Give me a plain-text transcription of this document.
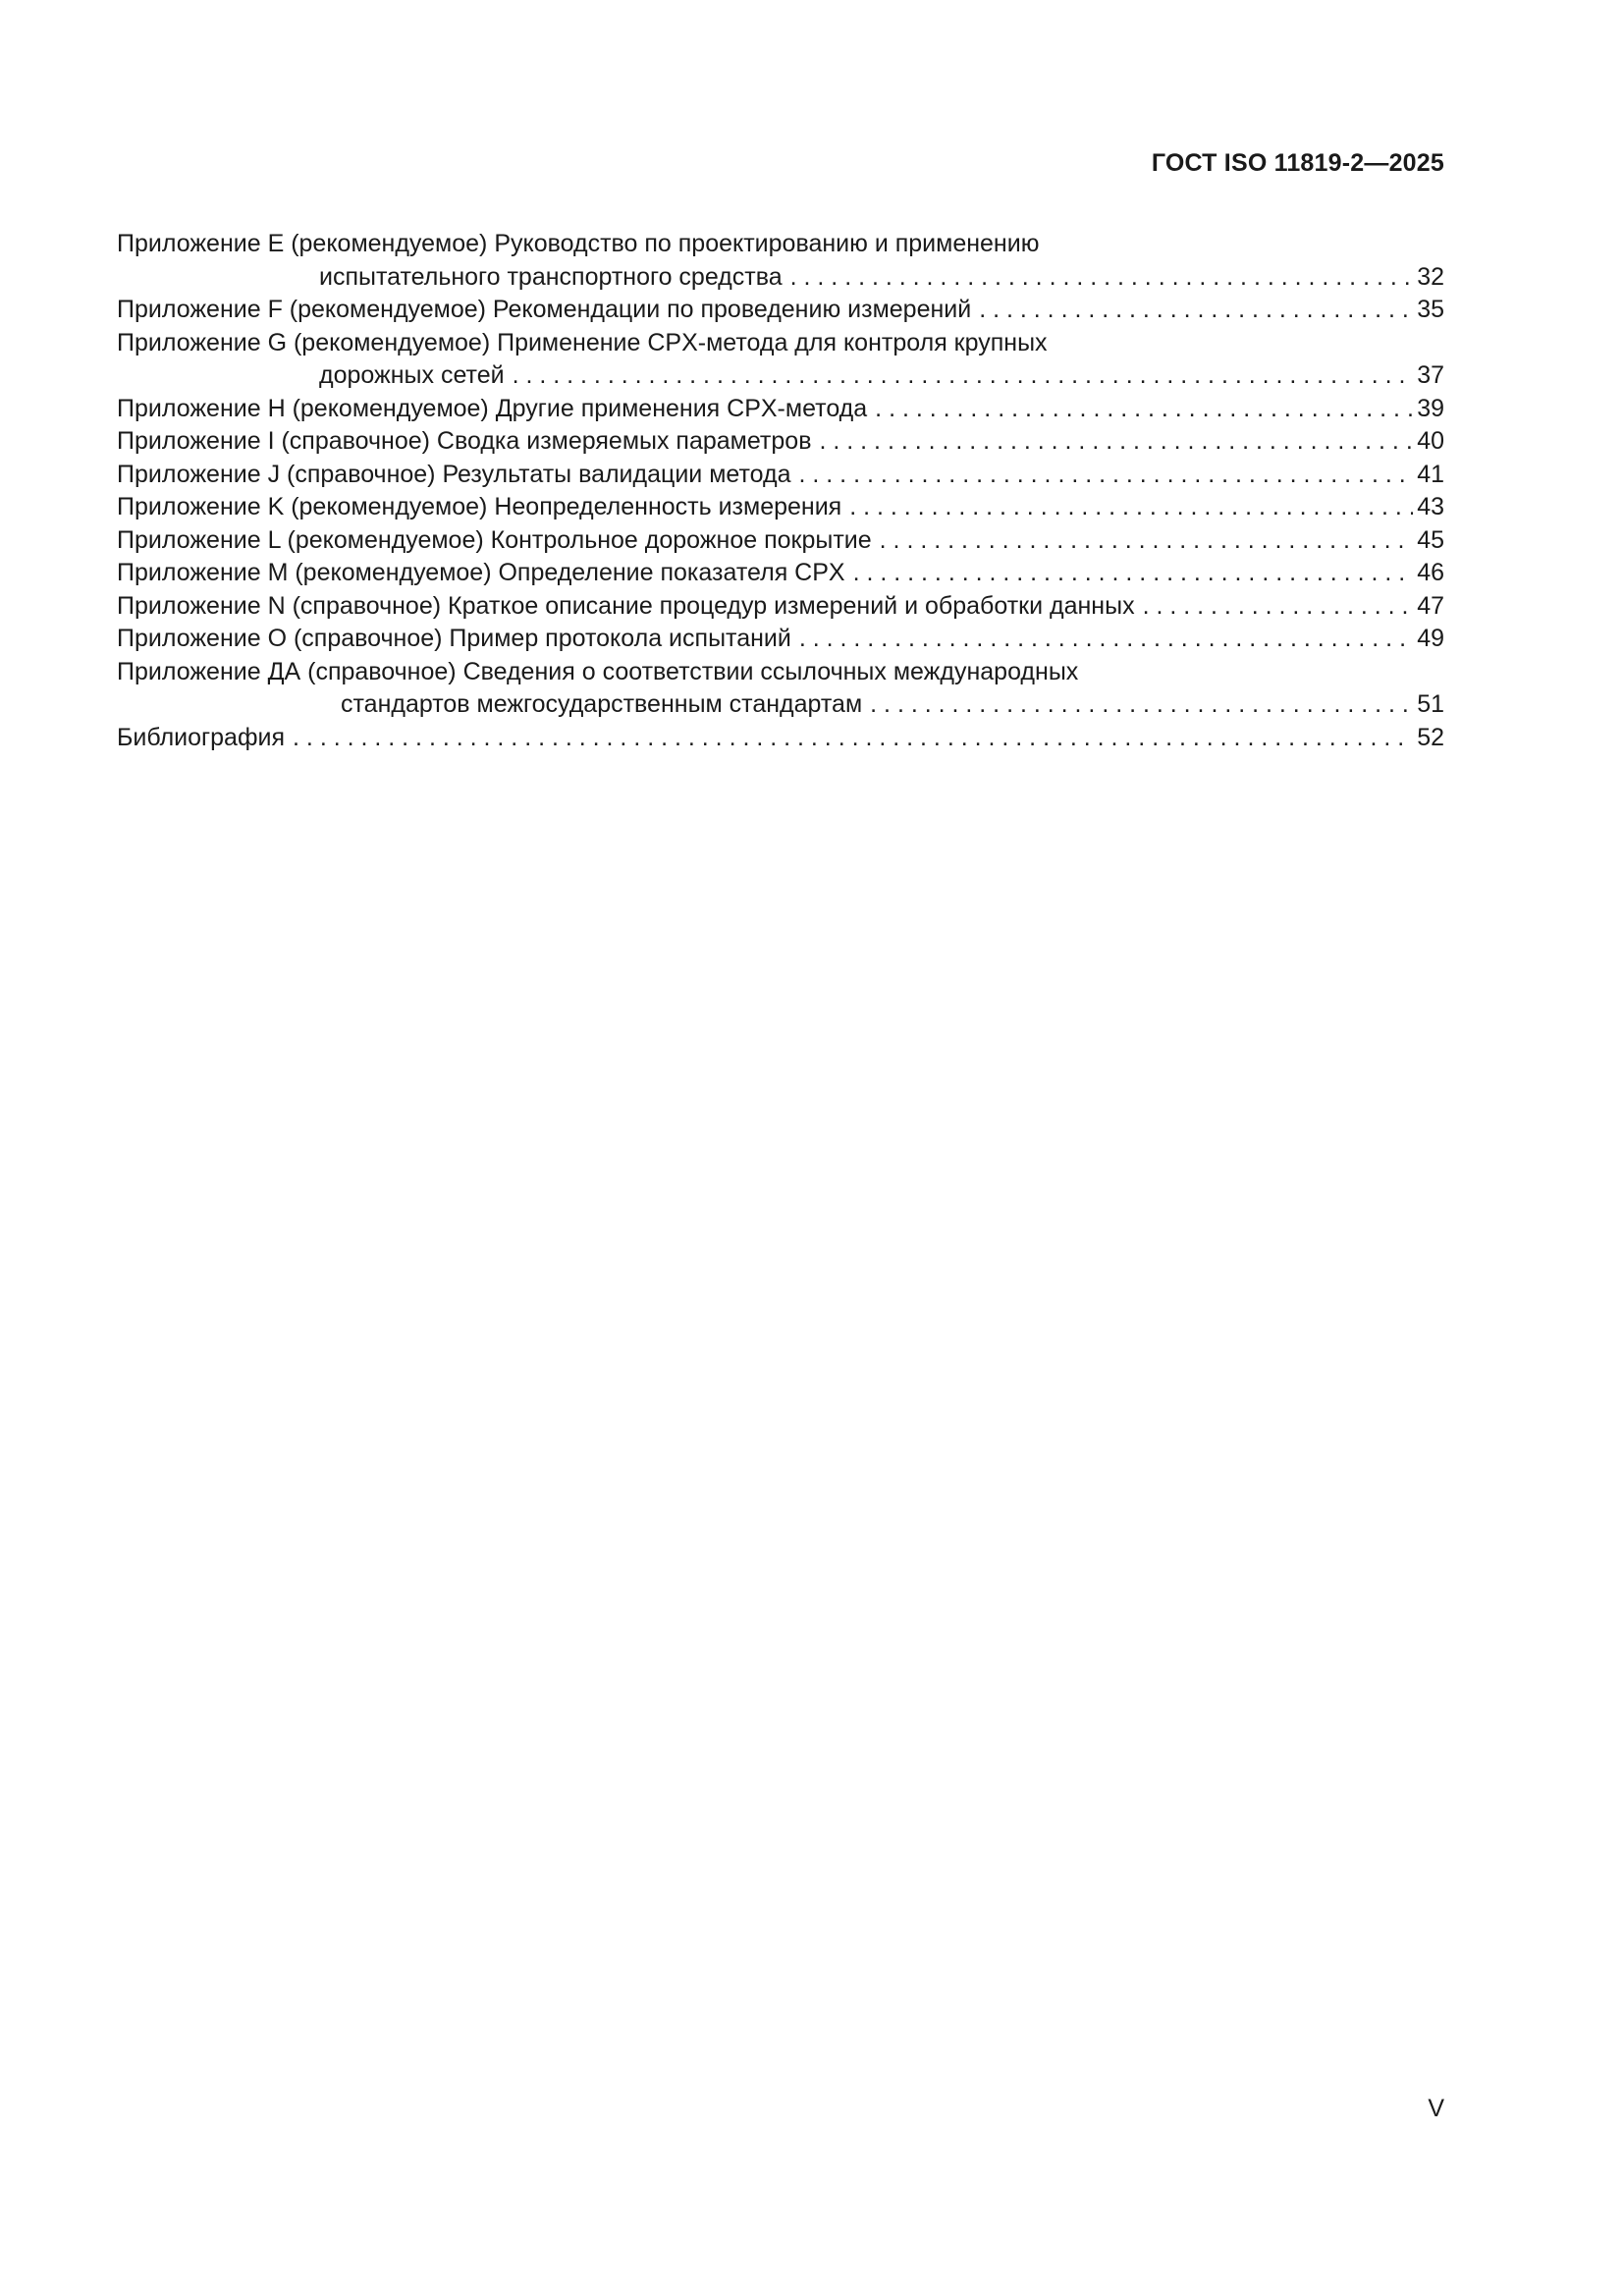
ГОСТ ISO 11819-2—2025
Приложение E (рекомендуемое) Руководство по проектированию и применению
испытательного транспортного средства . . .	32
Приложение F (рекомендуемое) Рекомендации по проведению измерений . . .	35
Приложение G (рекомендуемое) Применение CPX-метода для контроля крупных
дорожных сетей . . .	37
Приложение H (рекомендуемое) Другие применения CPX-метода . . .	39
Приложение I (справочное) Сводка измеряемых параметров . . .	40
Приложение J (справочное) Результаты валидации метода . . .	41
Приложение K (рекомендуемое) Неопределенность измерения . . .	43
Приложение L (рекомендуемое) Контрольное дорожное покрытие . . .	45
Приложение M (рекомендуемое) Определение показателя CPX . . .	46
Приложение N (справочное) Краткое описание процедур измерений и обработки данных . . .	47
Приложение O (справочное) Пример протокола испытаний . . .	49
Приложение ДА (справочное) Сведения о соответствии ссылочных международных
стандартов межгосударственным стандартам . . .	51
Библиография . . .	52
V
